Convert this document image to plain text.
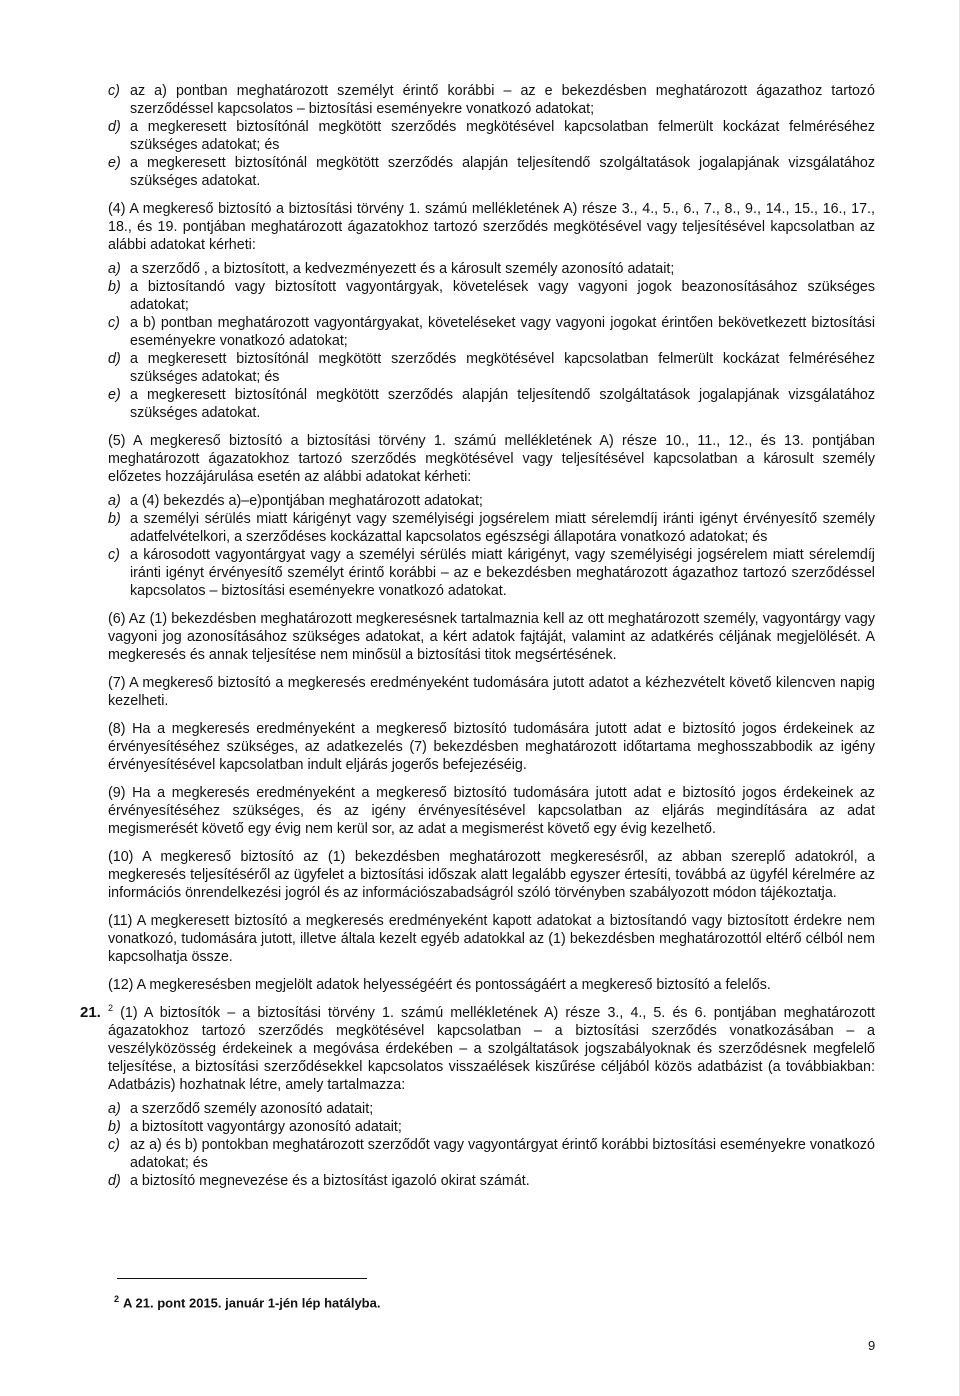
c) az a) pontban meghatározott személyt érintő korábbi – az e bekezdésben meghatározott ágazathoz tartozó szerződéssel kapcsolatos – biztosítási eseményekre vonatkozó adatokat;
d) a megkeresett biztosítónál megkötött szerződés megkötésével kapcsolatban felmerült kockázat felméréséhez szükséges adatokat; és
e) a megkeresett biztosítónál megkötött szerződés alapján teljesítendő szolgáltatások jogalapjának vizsgálatához szükséges adatokat.

(4) A megkereső biztosító a biztosítási törvény 1. számú mellékletének A) része 3., 4., 5., 6., 7., 8., 9., 14., 15., 16., 17., 18., és 19. pontjában meghatározott ágazatokhoz tartozó szerződés megkötésével vagy teljesítésével kapcsolatban az alábbi adatokat kérheti:

a) a szerződő , a biztosított, a kedvezményezett és a károsult személy azonosító adatait;
b) a biztosítandó vagy biztosított vagyontárgyak, követelések vagy vagyoni jogok beazonosításához szükséges adatokat;
c) a b) pontban meghatározott vagyontárgyakat, követeléseket vagy vagyoni jogokat érintően bekövetkezett biztosítási eseményekre vonatkozó adatokat;
d) a megkeresett biztosítónál megkötött szerződés megkötésével kapcsolatban felmerült kockázat felméréséhez szükséges adatokat; és
e) a megkeresett biztosítónál megkötött szerződés alapján teljesítendő szolgáltatások jogalapjának vizsgálatához szükséges adatokat.

(5) A megkereső biztosító a biztosítási törvény 1. számú mellékletének A) része 10., 11., 12., és 13. pontjában meghatározott ágazatokhoz tartozó szerződés megkötésével vagy teljesítésével kapcsolatban a károsult személy előzetes hozzájárulása esetén az alábbi adatokat kérheti:

a) a (4) bekezdés a)–e)pontjában meghatározott adatokat;
b) a személyi sérülés miatt kárigényt vagy személyiségi jogsérelem miatt sérelemdíj iránti igényt érvényesítő személy adatfelvételkori, a szerződéses kockázattal kapcsolatos egészségi állapotára vonatkozó adatokat; és
c) a károsodott vagyontárgyat vagy a személyi sérülés miatt kárigényt, vagy személyiségi jogsérelem miatt sérelemdíj iránti igényt érvényesítő személyt érintő korábbi – az e bekezdésben meghatározott ágazathoz tartozó szerződéssel kapcsolatos – biztosítási eseményekre vonatkozó adatokat.

(6) Az (1) bekezdésben meghatározott megkeresésnek tartalmaznia kell az ott meghatározott személy, vagyontárgy vagy vagyoni jog azonosításához szükséges adatokat, a kért adatok fajtáját, valamint az adatkérés céljának megjelölését. A megkeresés és annak teljesítése nem minősül a biztosítási titok megsértésének.

(7) A megkereső biztosító a megkeresés eredményeként tudomására jutott adatot a kézhezvételt követő kilencven napig kezelheti.

(8) Ha a megkeresés eredményeként a megkereső biztosító tudomására jutott adat e biztosító jogos érdekeinek az érvényesítéséhez szükséges, az adatkezelés (7) bekezdésben meghatározott időtartama meghosszabbodik az igény érvényesítésével kapcsolatban indult eljárás jogerős befejezéséig.

(9) Ha a megkeresés eredményeként a megkereső biztosító tudomására jutott adat e biztosító jogos érdekeinek az érvényesítéséhez szükséges, és az igény érvényesítésével kapcsolatban az eljárás megindítására az adat megismerését követő egy évig nem kerül sor, az adat a megismerést követő egy évig kezelhető.

(10) A megkereső biztosító az (1) bekezdésben meghatározott megkeresésről, az abban szereplő adatokról, a megkeresés teljesítéséről az ügyfelet a biztosítási időszak alatt legalább egyszer értesíti, továbbá az ügyfél kérelmére az információs önrendelkezési jogról és az információszabadságról szóló törvényben szabályozott módon tájékoztatja.

(11) A megkeresett biztosító a megkeresés eredményeként kapott adatokat a biztosítandó vagy biztosított érdekre nem vonatkozó, tudomására jutott, illetve általa kezelt egyéb adatokkal az (1) bekezdésben meghatározottól eltérő célból nem kapcsolhatja össze.

(12) A megkeresésben megjelölt adatok helyességéért és pontosságáért a megkereső biztosító a felelős.

21. $^2$ (1) A biztosítók – a biztosítási törvény 1. számú mellékletének A) része 3., 4., 5. és 6. pontjában meghatározott ágazatokhoz tartozó szerződés megkötésével kapcsolatban – a biztosítási szerződés vonatkozásában – a veszélyközösség érdekeinek a megóvása érdekében – a szolgáltatások jogszabályoknak és szerződésnek megfelelő teljesítése, a biztosítási szerződésekkel kapcsolatos visszaélések kiszűrése céljából közös adatbázist (a továbbiakban: Adatbázis) hozhatnak létre, amely tartalmazza:

a) a szerződő személy azonosító adatait;
b) a biztosított vagyontárgy azonosító adatait;
c) az a) és b) pontokban meghatározott szerződőt vagy vagyontárgyat érintő korábbi biztosítási eseményekre vonatkozó adatokat; és
d) a biztosító megnevezése és a biztosítást igazoló okirat számát.
$^2$ A 21. pont 2015. január 1-jén lép hatályba.
9
